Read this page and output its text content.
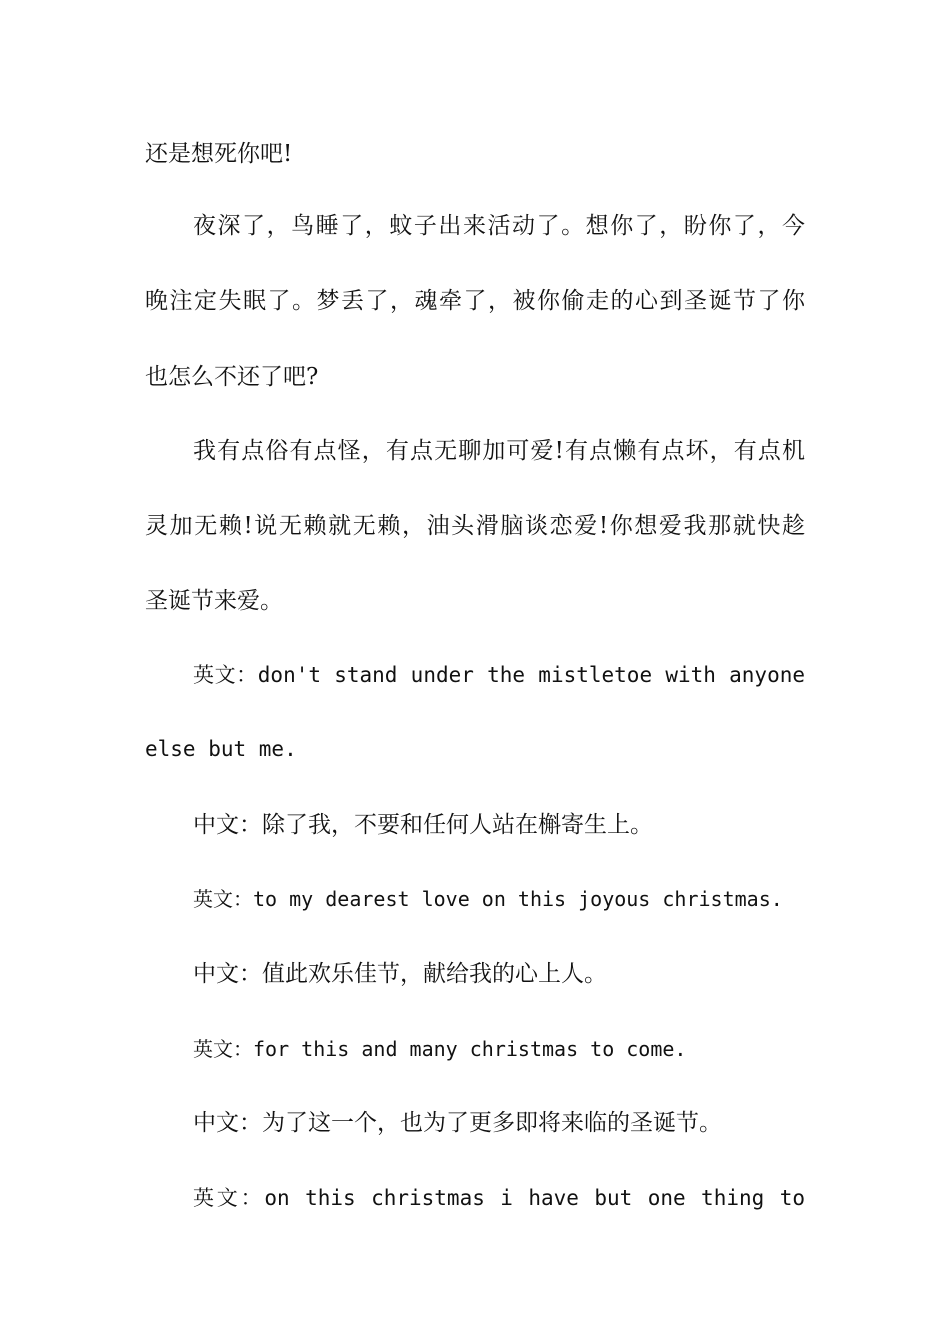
还是想死你吧!
夜深了，鸟睡了，蚊子出来活动了。想你了，盼你了，今
晚注定失眠了。梦丢了，魂牵了，被你偷走的心到圣诞节了你
也怎么不还了吧?
我有点俗有点怪，有点无聊加可爱!有点懒有点坏，有点机
灵加无赖!说无赖就无赖，油头滑脑谈恋爱!你想爱我那就快趁
圣诞节来爱。
英文：don't stand under the mistletoe with anyone
else but me.
中文：除了我，不要和任何人站在槲寄生上。
英文：to my dearest love on this joyous christmas.
中文：值此欢乐佳节，献给我的心上人。
英文：for this and many christmas to come.
中文：为了这一个，也为了更多即将来临的圣诞节。
英文：on this christmas i have but one thing to
